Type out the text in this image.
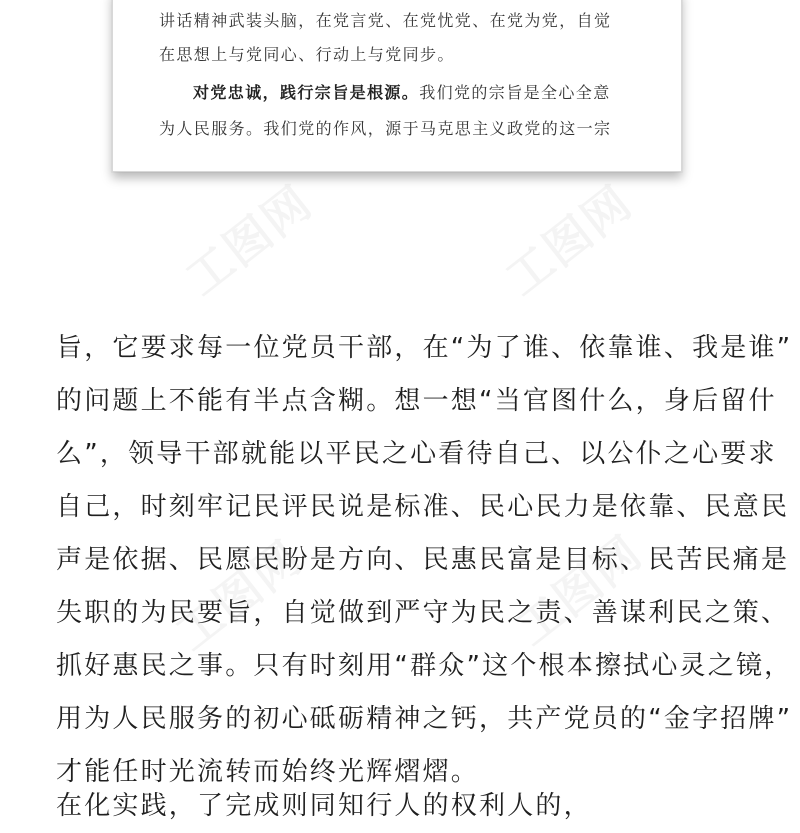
讲话精神武装头脑，在党言党、在党忧党、在党为党，自觉
在思想上与党同心、行动上与党同步。
对党忠诚，践行宗旨是根源。我们党的宗旨是全心全意
为人民服务。我们党的作风，源于马克思主义政党的这一宗
旨，它要求每一位党员干部，在“为了谁、依靠谁、我是谁”
的问题上不能有半点含糊。想一想“当官图什么，身后留什
么”，领导干部就能以平民之心看待自己、以公仆之心要求
自己，时刻牢记民评民说是标准、民心民力是依靠、民意民
声是依据、民愿民盼是方向、民惠民富是目标、民苦民痛是
失职的为民要旨，自觉做到严守为民之责、善谋利民之策、
抓好惠民之事。只有时刻用“群众”这个根本擦拭心灵之镜，
用为人民服务的初心砥砺精神之钙，共产党员的“金字招牌”
才能任时光流转而始终光辉熠熠。
在化实践，了完成则同知行人的权利人的，
